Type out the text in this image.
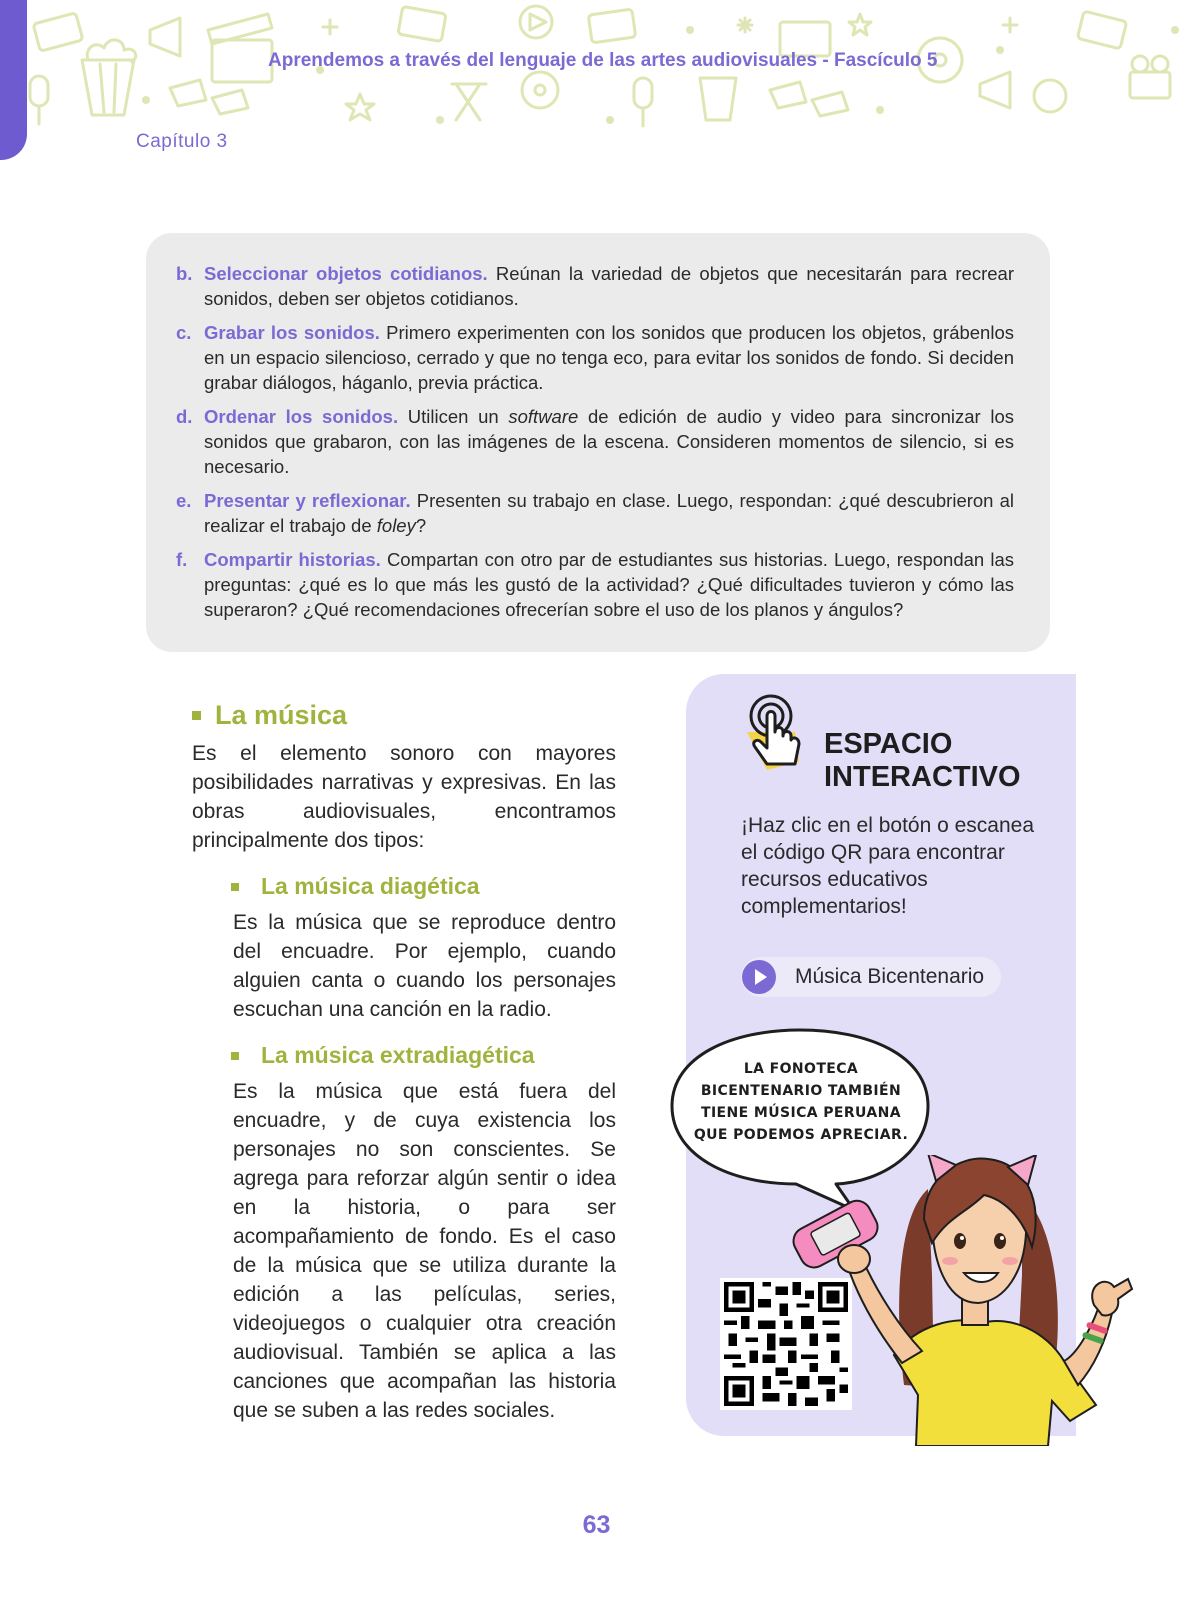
Aprendemos a través del lenguaje de las artes audiovisuales - Fascículo 5
Capítulo 3
b. Seleccionar objetos cotidianos. Reúnan la variedad de objetos que necesitarán para recrear sonidos, deben ser objetos cotidianos.
c. Grabar los sonidos. Primero experimenten con los sonidos que producen los objetos, grábenlos en un espacio silencioso, cerrado y que no tenga eco, para evitar los sonidos de fondo. Si deciden grabar diálogos, háganlo, previa práctica.
d. Ordenar los sonidos. Utilicen un software de edición de audio y video para sincronizar los sonidos que grabaron, con las imágenes de la escena. Consideren momentos de silencio, si es necesario.
e. Presentar y reflexionar. Presenten su trabajo en clase. Luego, respondan: ¿qué descubrieron al realizar el trabajo de foley?
f. Compartir historias. Compartan con otro par de estudiantes sus historias. Luego, respondan las preguntas: ¿qué es lo que más les gustó de la actividad? ¿Qué dificultades tuvieron y cómo las superaron? ¿Qué recomendaciones ofrecerían sobre el uso de los planos y ángulos?
La música

Es el elemento sonoro con mayores posibilidades narrativas y expresivas. En las obras audiovisuales, encontramos principalmente dos tipos:

La música diagética

Es la música que se reproduce dentro del encuadre. Por ejemplo, cuando alguien canta o cuando los personajes escuchan una canción en la radio.

La música extradiagética

Es la música que está fuera del encuadre, y de cuya existencia los personajes no son conscientes. Se agrega para reforzar algún sentir o idea en la historia, o para ser acompañamiento de fondo. Es el caso de la música que se utiliza durante la edición a las películas, series, videojuegos o cualquier otra creación audiovisual. También se aplica a las canciones que acompañan las historia que se suben a las redes sociales.

ESPACIO
INTERACTIVO
¡Haz clic en el botón o escanea el código QR para encontrar recursos educativos complementarios!
Música Bicentenario
LA FONOTECA BICENTENARIO TAMBIÉN TIENE MÚSICA PERUANA QUE PODEMOS APRECIAR.
63
